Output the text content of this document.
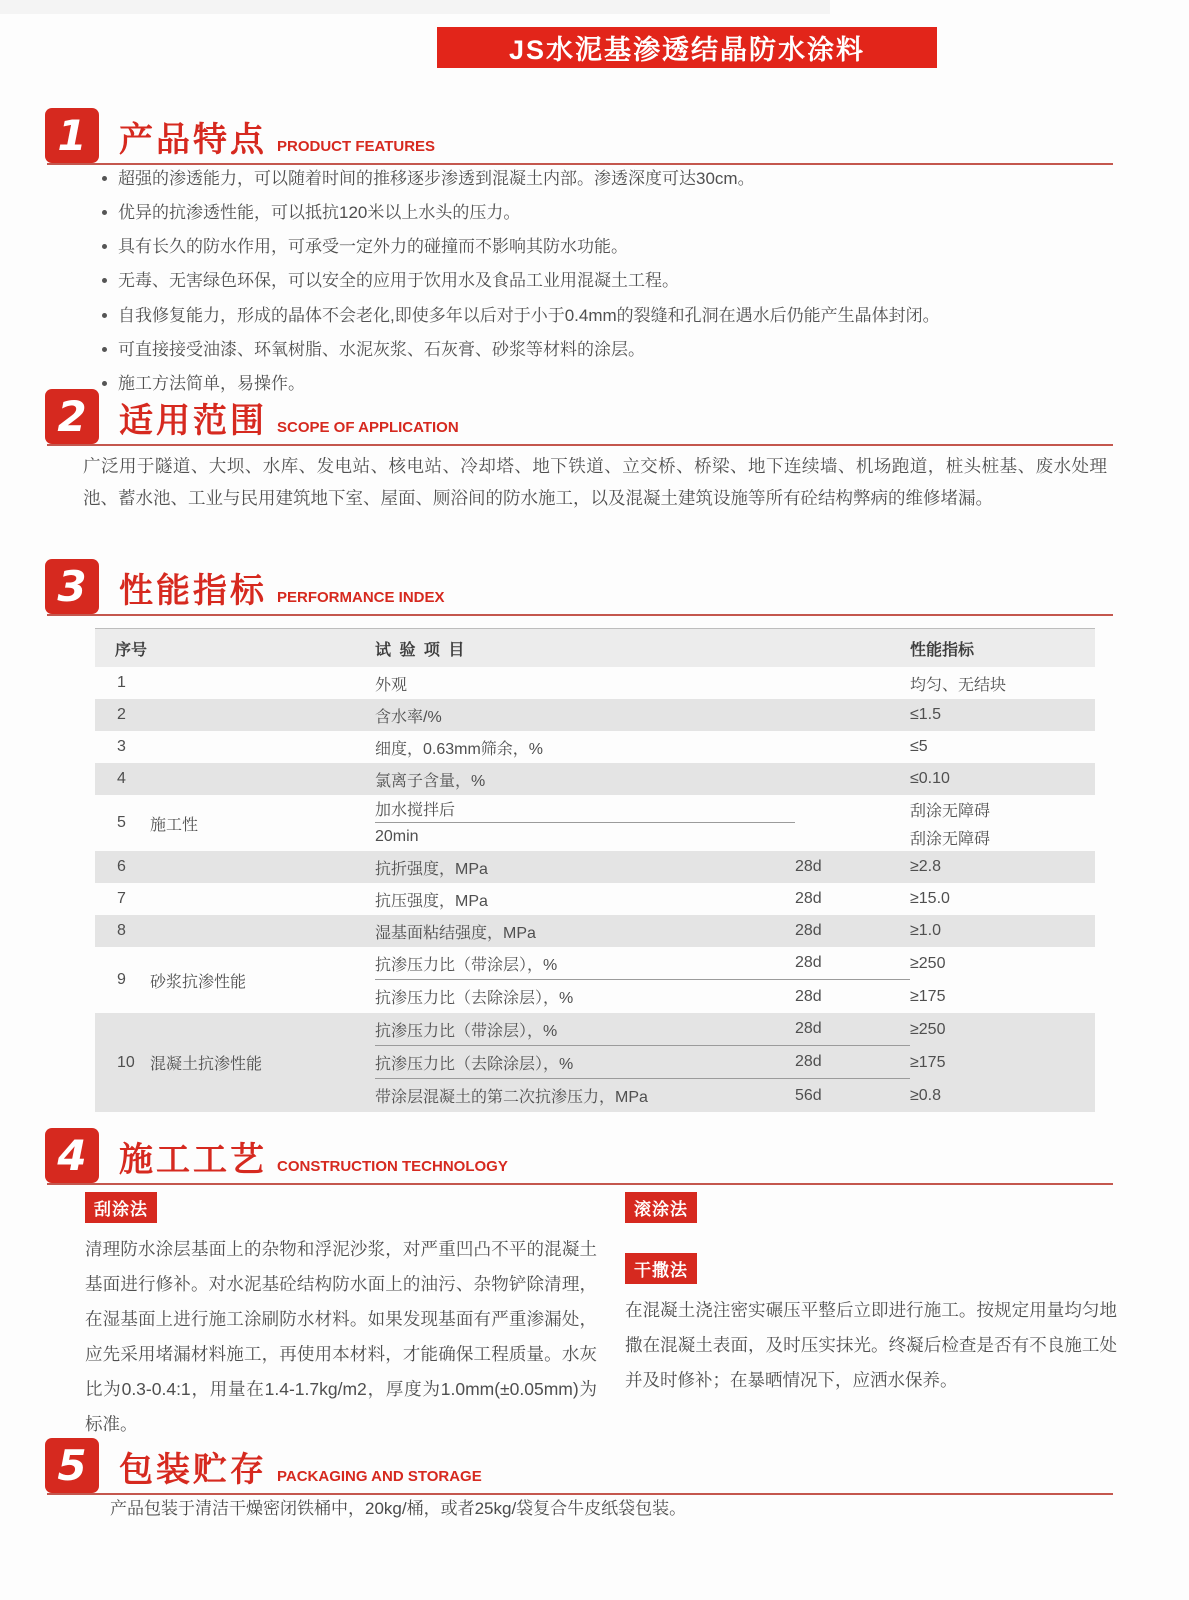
JS水泥基渗透结晶防水涂料
1 产品特点 PRODUCT FEATURES
超强的渗透能力，可以随着时间的推移逐步渗透到混凝土内部。渗透深度可达30cm。
优异的抗渗透性能，可以抵抗120米以上水头的压力。
具有长久的防水作用，可承受一定外力的碰撞而不影响其防水功能。
无毒、无害绿色环保，可以安全的应用于饮用水及食品工业用混凝土工程。
自我修复能力，形成的晶体不会老化,即使多年以后对于小于0.4mm的裂缝和孔洞在遇水后仍能产生晶体封闭。
可直接接受油漆、环氧树脂、水泥灰浆、石灰膏、砂浆等材料的涂层。
施工方法简单，易操作。
2 适用范围 SCOPE OF APPLICATION
广泛用于隧道、大坝、水库、发电站、核电站、冷却塔、地下铁道、立交桥、桥梁、地下连续墙、机场跑道，桩头桩基、废水处理池、蓄水池、工业与民用建筑地下室、屋面、厕浴间的防水施工，以及混凝土建筑设施等所有砼结构弊病的维修堵漏。
3 性能指标 PERFORMANCE INDEX
序号	试 验 项 目	性能指标
1	外观	均匀、无结块
2	含水率/%	≤1.5
3	细度，0.63mm筛余，%	≤5
4	氯离子含量，%	≤0.10
5	施工性
加水搅拌后	刮涂无障碍
20min	刮涂无障碍
6	抗折强度，MPa	28d	≥2.8
7	抗压强度，MPa	28d	≥15.0
8	湿基面粘结强度，MPa	28d	≥1.0
9	砂浆抗渗性能
抗渗压力比（带涂层），%	28d	≥250
抗渗压力比（去除涂层），%	28d	≥175
10 混凝土抗渗性能
抗渗压力比（带涂层），%	28d	≥250
抗渗压力比（去除涂层），%	28d	≥175
带涂层混凝土的第二次抗渗压力，MPa	56d	≥0.8
4 施工工艺 CONSTRUCTION TECHNOLOGY
刮涂法
清理防水涂层基面上的杂物和浮泥沙浆，对严重凹凸不平的混凝土基面进行修补。对水泥基砼结构防水面上的油污、杂物铲除清理，在湿基面上进行施工涂刷防水材料。如果发现基面有严重渗漏处，应先采用堵漏材料施工，再使用本材料，才能确保工程质量。水灰比为0.3-0.4:1，用量在1.4-1.7kg/m2，厚度为1.0mm(±0.05mm)为标准。
滚涂法
干撒法
在混凝土浇注密实碾压平整后立即进行施工。按规定用量均匀地撒在混凝土表面，及时压实抹光。终凝后检查是否有不良施工处并及时修补；在暴晒情况下，应洒水保养。
5 包装贮存 PACKAGING AND STORAGE
产品包装于清洁干燥密闭铁桶中，20kg/桶，或者25kg/袋复合牛皮纸袋包装。
